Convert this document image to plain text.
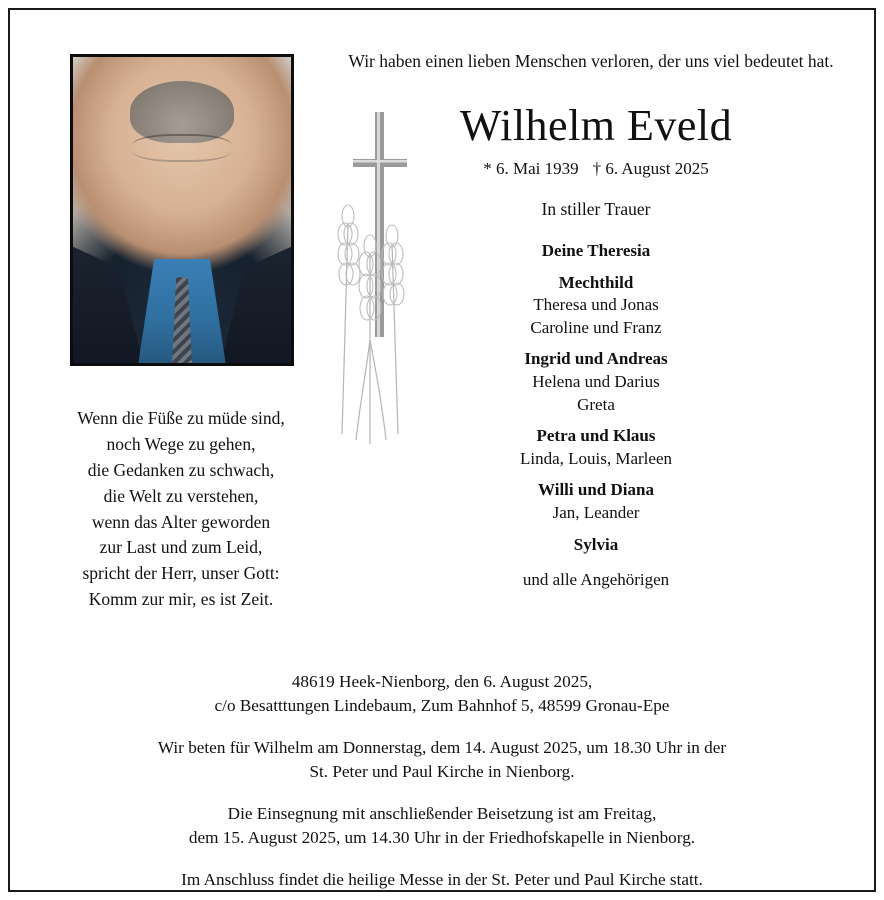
Wir haben einen lieben Menschen verloren, der uns viel bedeutet hat.
Wilhelm Eveld
* 6. Mai 1939 † 6. August 2025
In stiller Trauer
Deine Theresia
Mechthild
Theresa und Jonas
Caroline und Franz
Ingrid und Andreas
Helena und Darius
Greta
Petra und Klaus
Linda, Louis, Marleen
Willi und Diana
Jan, Leander
Sylvia
und alle Angehörigen
Wenn die Füße zu müde sind,
noch Wege zu gehen,
die Gedanken zu schwach,
die Welt zu verstehen,
wenn das Alter geworden
zur Last und zum Leid,
spricht der Herr, unser Gott:
Komm zur mir, es ist Zeit.
48619 Heek-Nienborg, den 6. August 2025,
c/o Besatttungen Lindebaum, Zum Bahnhof 5, 48599 Gronau-Epe
Wir beten für Wilhelm am Donnerstag, dem 14. August 2025, um 18.30 Uhr in der
St. Peter und Paul Kirche in Nienborg.
Die Einsegnung mit anschließender Beisetzung ist am Freitag,
dem 15. August 2025, um 14.30 Uhr in der Friedhofskapelle in Nienborg.
Im Anschluss findet die heilige Messe in der St. Peter und Paul Kirche statt.
